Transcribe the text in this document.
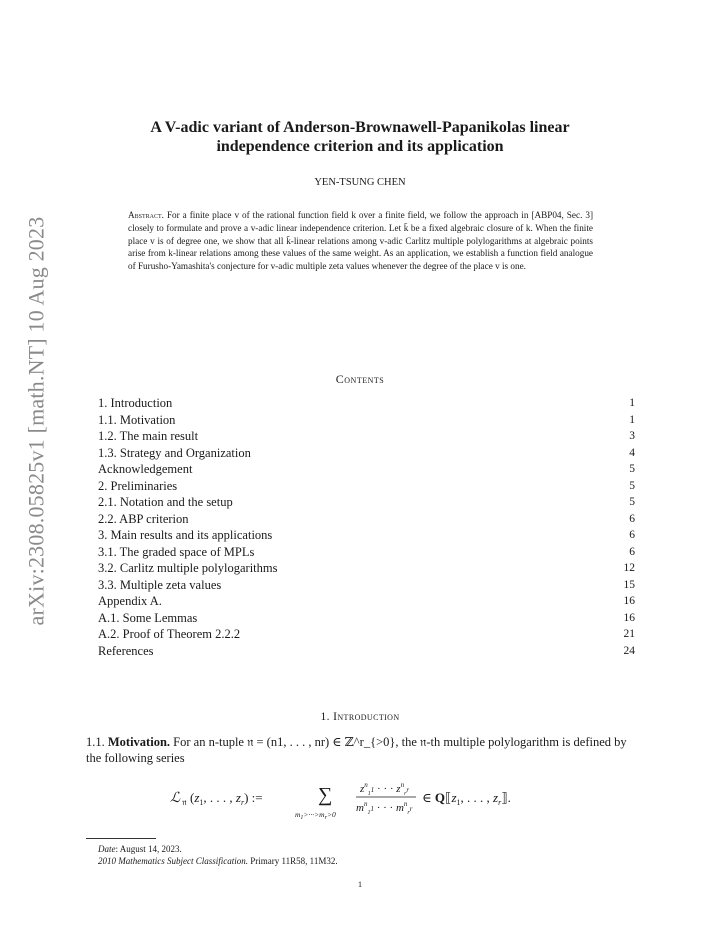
arXiv:2308.05825v1 [math.NT] 10 Aug 2023
A V-adic variant of Anderson-Brownawell-Papanikolas linear
independence criterion and its application
YEN-TSUNG CHEN
Abstract. For a finite place v of the rational function field k over a finite field, we follow the approach in [ABP04, Sec. 3] closely to formulate and prove a v-adic linear independence criterion. Let k̄ be a fixed algebraic closure of k. When the finite place v is of degree one, we show that all k̄-linear relations among v-adic Carlitz multiple polylogarithms at algebraic points arise from k-linear relations among these values of the same weight. As an application, we establish a function field analogue of Furusho-Yamashita's conjecture for v-adic multiple zeta values whenever the degree of the place v is one.
Contents
1. Introduction	1
1.1. Motivation	1
1.2. The main result	3
1.3. Strategy and Organization	4
Acknowledgement	5
2. Preliminaries	5
2.1. Notation and the setup	5
2.2. ABP criterion	6
3. Main results and its applications	6
3.1. The graded space of MPLs	6
3.2. Carlitz multiple polylogarithms	12
3.3. Multiple zeta values	15
Appendix A.	16
A.1. Some Lemmas	16
A.2. Proof of Theorem 2.2.2	21
References	24
1. Introduction
1.1. Motivation. For an n-tuple 𝔫 = (n1, . . . , nr) ∈ ℤ^r_{>0}, the 𝔫-th multiple polylogarithm is defined by the following series
ℒ 𝔫 ($z_1$, . . . , $z_r$) :=	∑
$m_1>\cdot\cdot\cdot>m_r>0$
$z^n_1^1$ · · · $z^n_r^r$
$m^n_1^1$ · · · $m^n_r^r$
∈ $Q⟦z_1$, . . . , $z_r⟧$.
Date: August 14, 2023.
2010 Mathematics Subject Classification. Primary 11R58, 11M32.
1
